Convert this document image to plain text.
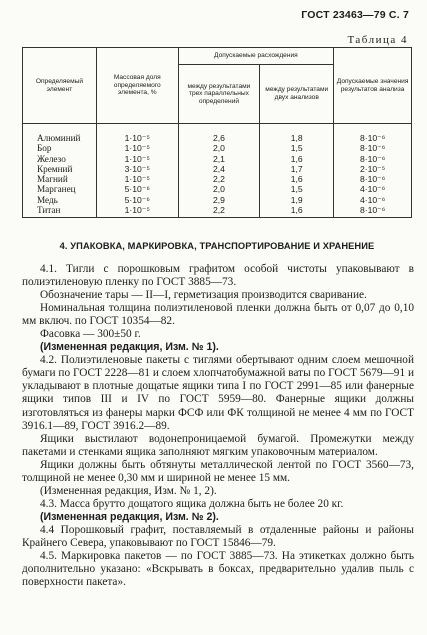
ГОСТ 23463—79 С. 7
Таблица 4
Определяемый элемент	Массовая доля определяемого элемента, %	Допускаемые расхождения		Допускаемые значения результатов анализа
		между результатами трех параллельных определений	между результатами двух анализов	
Алюминий	1·10⁻⁵	2,6	1,8	8·10⁻⁶
Бор	1·10⁻⁵	2,0	1,5	8·10⁻⁶
Железо	1·10⁻⁵	2,1	1,6	8·10⁻⁶
Кремний	3·10⁻⁵	2,4	1,7	2·10⁻⁵
Магний	1·10⁻⁵	2,2	1,6	8·10⁻⁶
Марганец	5·10⁻⁶	2,0	1,5	4·10⁻⁶
Медь	5·10⁻⁶	2,9	1,9	4·10⁻⁶
Титан	1·10⁻⁵	2,2	1,6	8·10⁻⁶
4. УПАКОВКА, МАРКИРОВКА, ТРАНСПОРТИРОВАНИЕ И ХРАНЕНИЕ

4.1. Тигли с порошковым графитом особой чистоты упаковывают в полиэтиленовую пленку по ГОСТ 3885—73.

Обозначение тары — II—I, герметизация производится сваривание.

Номинальная толщина полиэтиленовой пленки должна быть от 0,07 до 0,10 мм включ. по ГОСТ 10354—82.

Фасовка — 300±50 г.

(Измененная редакция, Изм. № 1).

4.2. Полиэтиленовые пакеты с тиглями обертывают одним слоем мешочной бумаги по ГОСТ 2228—81 и слоем хлопчатобумажной ваты по ГОСТ 5679—91 и укладывают в плотные дощатые ящики типа I по ГОСТ 2991—85 или фанерные ящики типов III и IV по ГОСТ 5959—80. Фанерные ящики должны изготовляться из фанеры марки ФСФ или ФК толщиной не менее 4 мм по ГОСТ 3916.1—89, ГОСТ 3916.2—89.

Ящики выстилают водонепроницаемой бумагой. Промежутки между пакетами и стенками ящика заполняют мягким упаковочным материалом.

Ящики должны быть обтянуты металлической лентой по ГОСТ 3560—73, толщиной не менее 0,30 мм и шириной не менее 15 мм.

(Измененная редакция, Изм. № 1, 2).

4.3. Масса брутто дощатого ящика должна быть не более 20 кг.

(Измененная редакция, Изм. № 2).

4.4 Порошковый графит, поставляемый в отдаленные районы и районы Крайнего Севера, упаковывают по ГОСТ 15846—79.

4.5. Маркировка пакетов — по ГОСТ 3885—73. На этикетках должно быть дополнительно указано: «Вскрывать в боксах, предварительно удалив пыль с поверхности пакета».
